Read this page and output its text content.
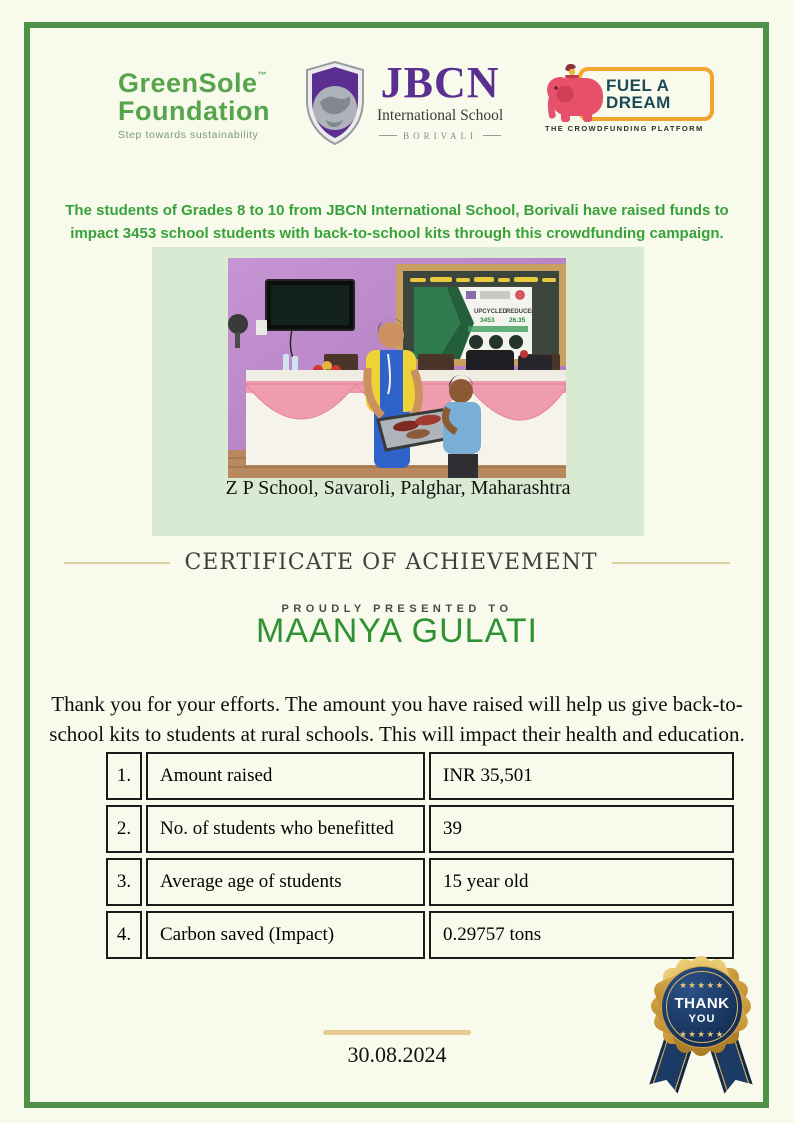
GreenSole™
Foundation
Step towards sustainability
JBCN
International School
BORIVALI
FUEL A
DREAM
THE CROWDFUNDING PLATFORM

The students of Grades 8 to 10 from JBCN International School, Borivali have raised funds to
impact 3453 school students with back-to-school kits through this crowdfunding campaign.

UPCYCLED
REDUCED
3453 26.35

Z P School, Savaroli, Palghar, Maharashtra

CERTIFICATE OF ACHIEVEMENT

PROUDLY PRESENTED TO

MAANYA GULATI

Thank you for your efforts. The amount you have raised will help us give back-to-
school kits to students at rural schools. This will impact their health and education.

1.	Amount raised	INR 35,501
2.	No. of students who benefitted	39
3.	Average age of students	15 year old
4.	Carbon saved (Impact)	0.29757 tons
★★★★★
THANK
YOU
★★★★★
30.08.2024
